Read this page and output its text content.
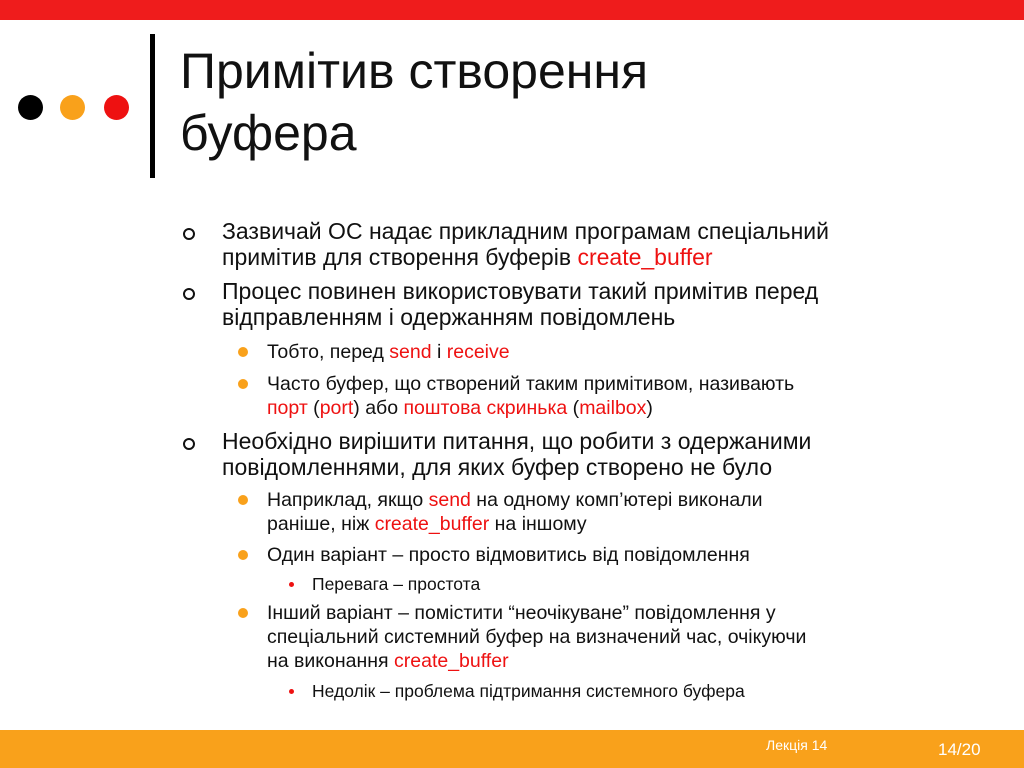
Примітив створення
буфера
Зазвичай ОС надає прикладним програмам спеціальний
примітив для створення буферів create_buffer
Процес повинен використовувати такий примітив перед
відправленням і одержанням повідомлень
Тобто, перед send і receive
Часто буфер, що створений таким примітивом, називають
порт (port) або поштова скринька (mailbox)
Необхідно вирішити питання, що робити з одержаними
повідомленнями, для яких буфер створено не було
Наприклад, якщо send на одному комп’ютері виконали
раніше, ніж create_buffer на іншому
Один варіант – просто відмовитись від повідомлення
Перевага – простота
Інший варіант – помістити “неочікуване” повідомлення у
спеціальний системний буфер на визначений час, очікуючи
на виконання create_buffer
Недолік – проблема підтримання системного буфера
Лекція 14	14/20
